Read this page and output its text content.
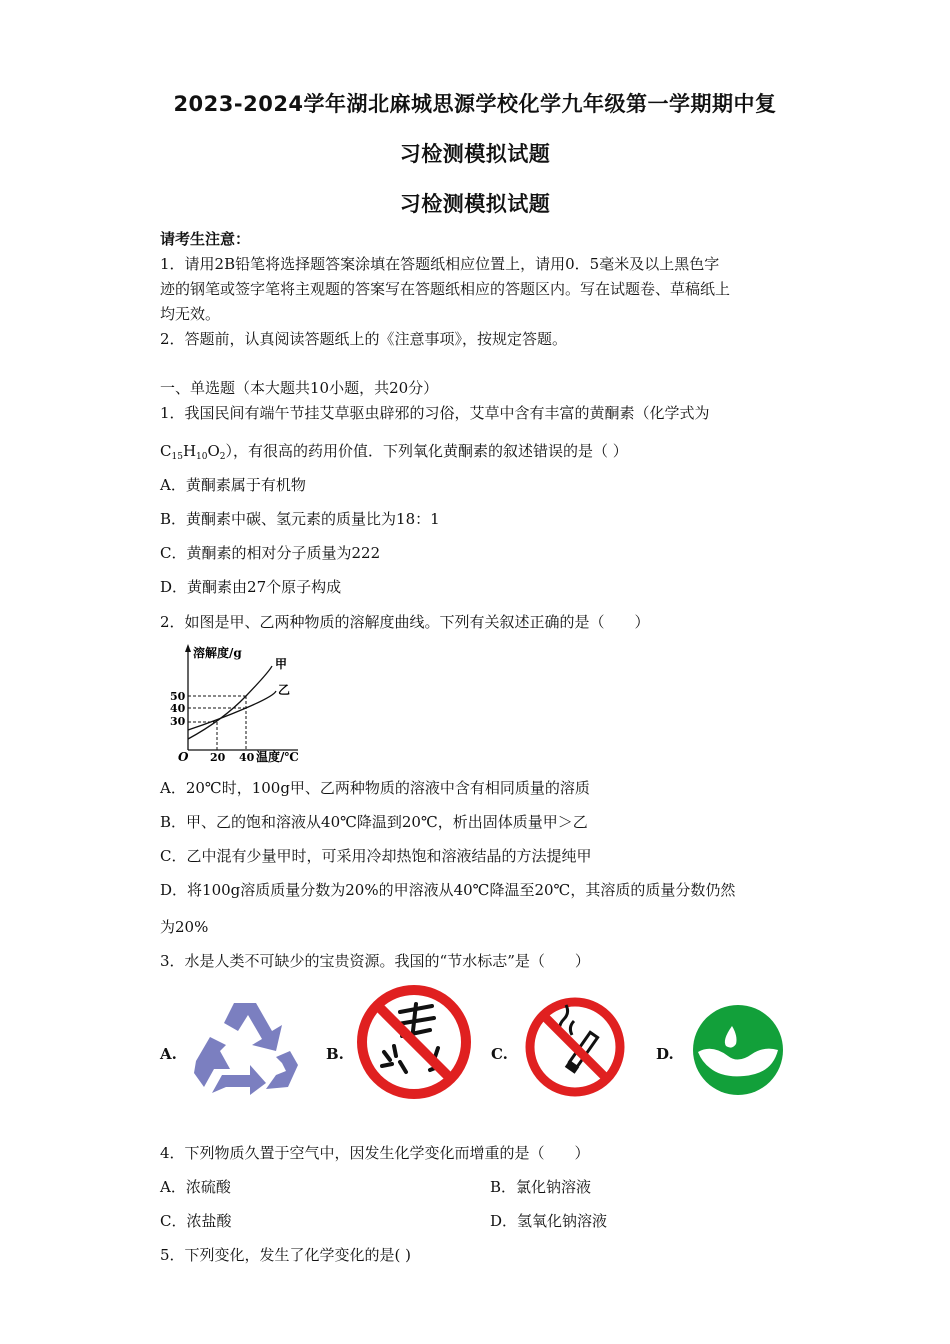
2023-2024学年湖北麻城思源学校化学九年级第一学期期中复
习检测模拟试题
习检测模拟试题
请考生注意：
1．请用2B铅笔将选择题答案涂填在答题纸相应位置上，请用0．5毫米及以上黑色字
迹的钢笔或签字笔将主观题的答案写在答题纸相应的答题区内。写在试题卷、草稿纸上
均无效。
2．答题前，认真阅读答题纸上的《注意事项》，按规定答题。
一、单选题（本大题共10小题，共20分）
1．我国民间有端午节挂艾草驱虫辟邪的习俗，艾草中含有丰富的黄酮素（化学式为
$C_{15}H_{10}O_2$），有很高的药用价值．下列氧化黄酮素的叙述错误的是（ ）
A．黄酮素属于有机物
B．黄酮素中碳、氢元素的质量比为18：1
C．黄酮素的相对分子质量为222
D．黄酮素由27个原子构成
2．如图是甲、乙两种物质的溶解度曲线。下列有关叙述正确的是（　　）
溶解度/g
甲
乙
50
40
30
O 20 40 温度/℃
A．20℃时，100g甲、乙两种物质的溶液中含有相同质量的溶质
B．甲、乙的饱和溶液从40℃降温到20℃，析出固体质量甲＞乙
C．乙中混有少量甲时，可采用冷却热饱和溶液结晶的方法提纯甲
D．将100g溶质质量分数为20%的甲溶液从40℃降温至20℃，其溶质的质量分数仍然
为20%
3．水是人类不可缺少的宝贵资源。我国的“节水标志”是（　　）
A.	B.	C.	D.
4．下列物质久置于空气中，因发生化学变化而增重的是（　　）
A．浓硫酸	B．氯化钠溶液
C．浓盐酸	D．氢氧化钠溶液
5．下列变化，发生了化学变化的是( )
